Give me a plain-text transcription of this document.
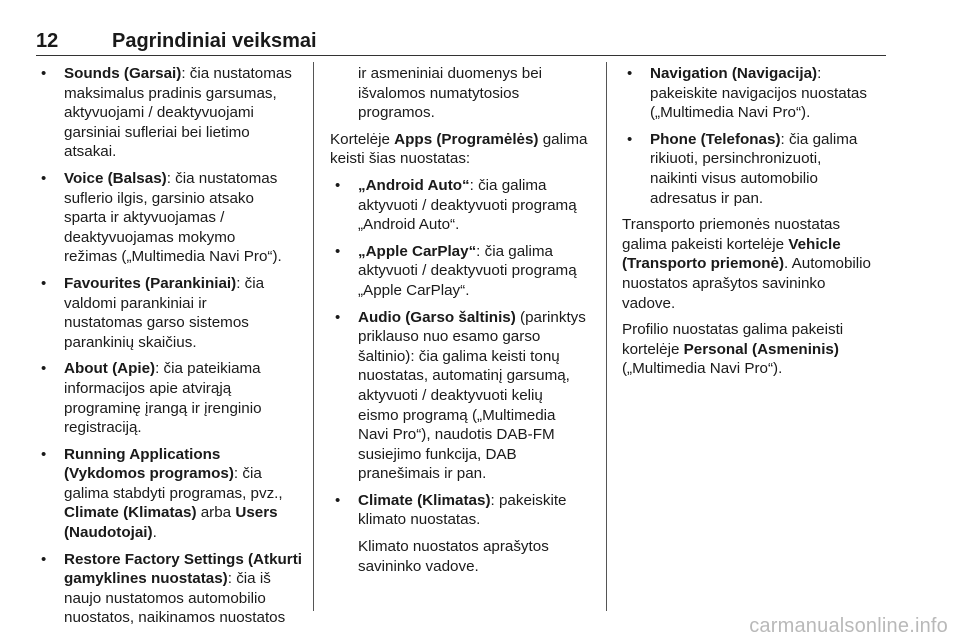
12	Pagrindiniai veiksmai
• Sounds (Garsai): čia nustatomas
maksimalus pradinis garsumas,
aktyvuojami / deaktyvuojami
garsiniai sufleriai bei lietimo
atsakai.
• Voice (Balsas): čia nustatomas
suflerio ilgis, garsinio atsako
sparta ir aktyvuojamas /
deaktyvuojamas mokymo
režimas („Multimedia Navi Pro“).
• Favourites (Parankiniai): čia
valdomi parankiniai ir
nustatomas garso sistemos
parankinių skaičius.
• About (Apie): čia pateikiama
informacijos apie atvirąją
programinę įrangą ir įrenginio
registraciją.
• Running Applications
(Vykdomos programos): čia
galima stabdyti programas, pvz.,
Climate (Klimatas) arba Users
(Naudotojai).
• Restore Factory Settings (Atkurti
gamyklines nuostatas): čia iš
naujo nustatomos automobilio
nuostatos, naikinamos nuostatos
ir asmeniniai duomenys bei
išvalomos numatytosios
programos.
Kortelėje Apps (Programėlės) galima
keisti šias nuostatas:
• „Android Auto“: čia galima
aktyvuoti / deaktyvuoti programą
„Android Auto“.
• „Apple CarPlay“: čia galima
aktyvuoti / deaktyvuoti programą
„Apple CarPlay“.
• Audio (Garso šaltinis) (parinktys
priklauso nuo esamo garso
šaltinio): čia galima keisti tonų
nuostatas, automatinį garsumą,
aktyvuoti / deaktyvuoti kelių
eismo programą („Multimedia
Navi Pro“), naudotis DAB-FM
susiejimo funkcija, DAB
pranešimais ir pan.
• Climate (Klimatas): pakeiskite
klimato nuostatas.
Klimato nuostatos aprašytos
savininko vadove.
• Navigation (Navigacija):
pakeiskite navigacijos nuostatas
(„Multimedia Navi Pro“).
• Phone (Telefonas): čia galima
rikiuoti, persinchronizuoti,
naikinti visus automobilio
adresatus ir pan.
Transporto priemonės nuostatas
galima pakeisti kortelėje Vehicle
(Transporto priemonė). Automobilio
nuostatos aprašytos savininko
vadove.
Profilio nuostatas galima pakeisti
kortelėje Personal (Asmeninis)
(„Multimedia Navi Pro“).
carmanualsonline.info
